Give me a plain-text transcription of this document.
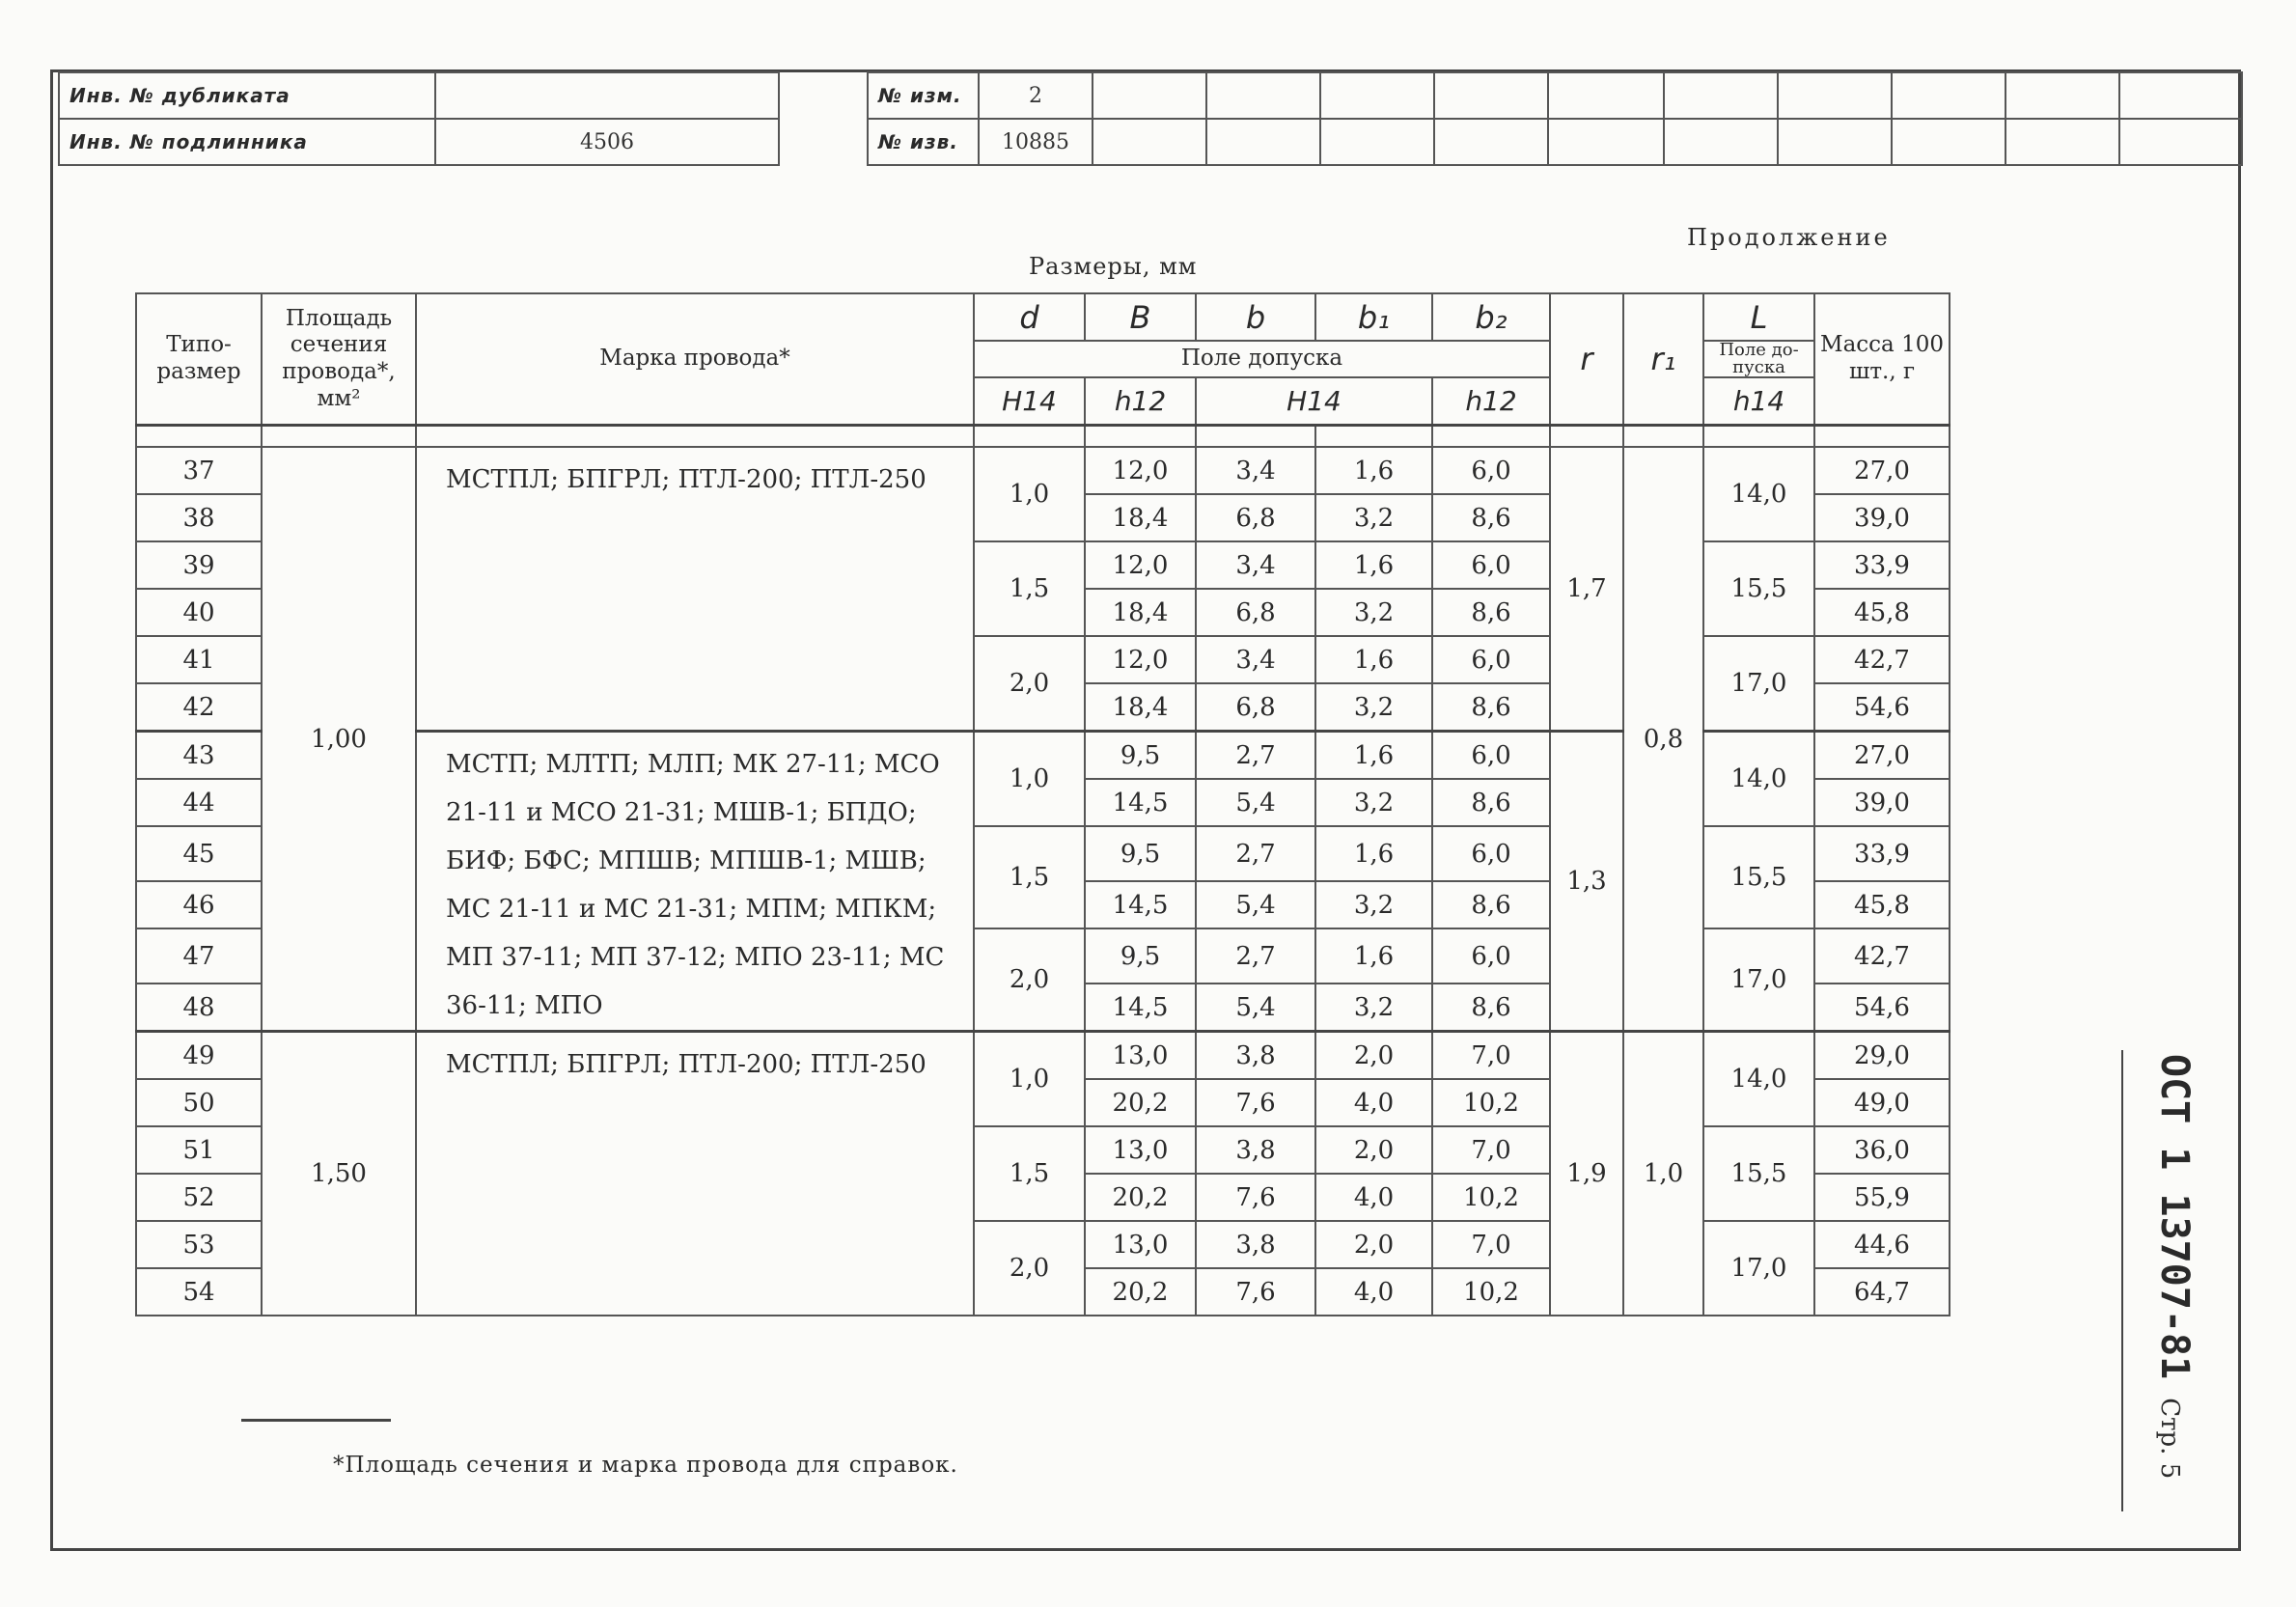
Инв. № дубликата	
Инв. № подлинника	4506
№ изм.	2										
№ изв.	10885										
Продолжение
Размеры, мм
Типо-размер	Площадь сечения провода*, мм²	Марка провода*	d	B	b	b₁	b₂	r	r₁	L	Масса 100 шт., г
			Поле допуска							Поле до-пуска	
			H14	h12	H14		h12			h14	

37	1,00	МСТПЛ; БПГРЛ; ПТЛ-200; ПТЛ-250	1,0	12,0	3,4	1,6	6,0	1,7	0,8	14,0	27,0
38				18,4	6,8	3,2	8,6				39,0
39			1,5	12,0	3,4	1,6	6,0			15,5	33,9
40				18,4	6,8	3,2	8,6				45,8
41			2,0	12,0	3,4	1,6	6,0			17,0	42,7
42				18,4	6,8	3,2	8,6				54,6
43		МСТП; МЛТП; МЛП; МК 27-11; МСО 21-11 и МСО 21-31; МШВ-1; БПДО; БИФ; БФС; МПШВ; МПШВ-1; МШВ; МС 21-11 и МС 21-31; МПМ; МПКМ; МП 37-11; МП 37-12; МПО 23-11; МС 36-11; МПО	1,0	9,5	2,7	1,6	6,0	1,3		14,0	27,0
44				14,5	5,4	3,2	8,6				39,0
45			1,5	9,5	2,7	1,6	6,0			15,5	33,9
46				14,5	5,4	3,2	8,6				45,8
47			2,0	9,5	2,7	1,6	6,0			17,0	42,7
48				14,5	5,4	3,2	8,6				54,6
49	1,50	МСТПЛ; БПГРЛ; ПТЛ-200; ПТЛ-250	1,0	13,0	3,8	2,0	7,0	1,9	1,0	14,0	29,0
50				20,2	7,6	4,0	10,2				49,0
51			1,5	13,0	3,8	2,0	7,0			15,5	36,0
52				20,2	7,6	4,0	10,2				55,9
53			2,0	13,0	3,8	2,0	7,0			17,0	44,6
54				20,2	7,6	4,0	10,2				64,7
*Площадь сечения и марка провода для справок.
ОСТ 1 13707-81 Стр. 5
